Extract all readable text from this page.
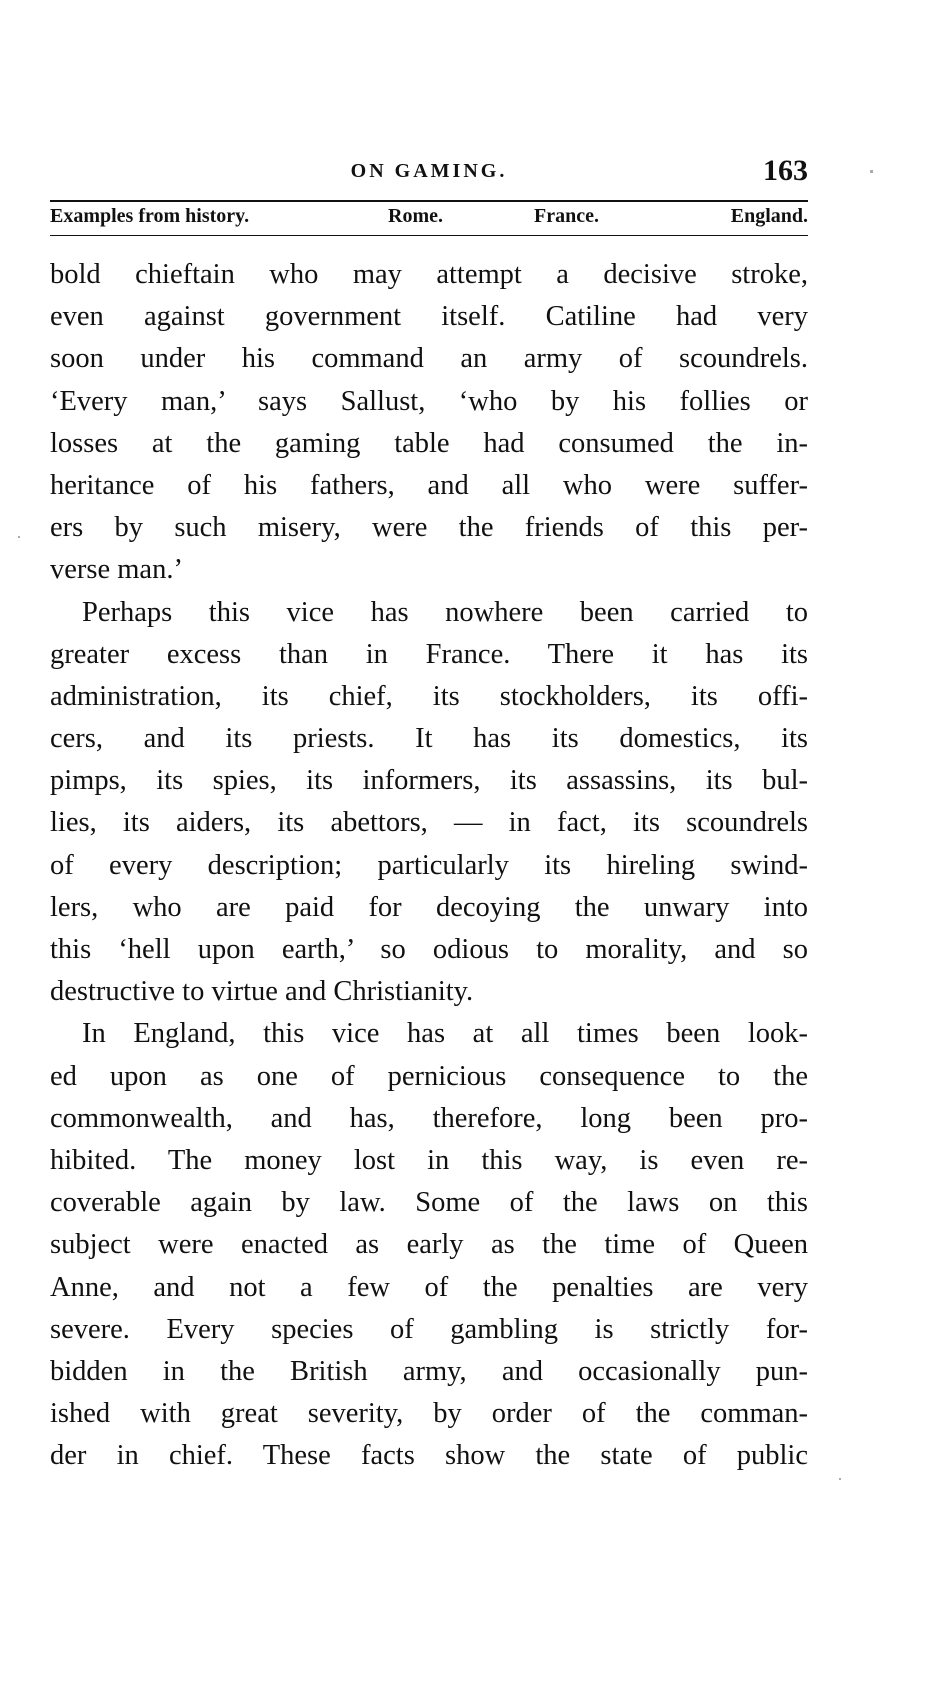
ON GAMING.	163
Examples from history.	Rome.	France.	England.
bold chieftain who may attempt a decisive stroke,
even against government itself. Catiline had very
soon under his command an army of scoundrels.
‘Every man,’ says Sallust, ‘who by his follies or
losses at the gaming table had consumed the in-
heritance of his fathers, and all who were suffer-
ers by such misery, were the friends of this per-
verse man.’
Perhaps this vice has nowhere been carried to
greater excess than in France. There it has its
administration, its chief, its stockholders, its offi-
cers, and its priests. It has its domestics, its
pimps, its spies, its informers, its assassins, its bul-
lies, its aiders, its abettors, — in fact, its scoundrels
of every description; particularly its hireling swind-
lers, who are paid for decoying the unwary into
this ‘hell upon earth,’ so odious to morality, and so
destructive to virtue and Christianity.
In England, this vice has at all times been look-
ed upon as one of pernicious consequence to the
commonwealth, and has, therefore, long been pro-
hibited. The money lost in this way, is even re-
coverable again by law. Some of the laws on this
subject were enacted as early as the time of Queen
Anne, and not a few of the penalties are very
severe. Every species of gambling is strictly for-
bidden in the British army, and occasionally pun-
ished with great severity, by order of the comman-
der in chief. These facts show the state of public
